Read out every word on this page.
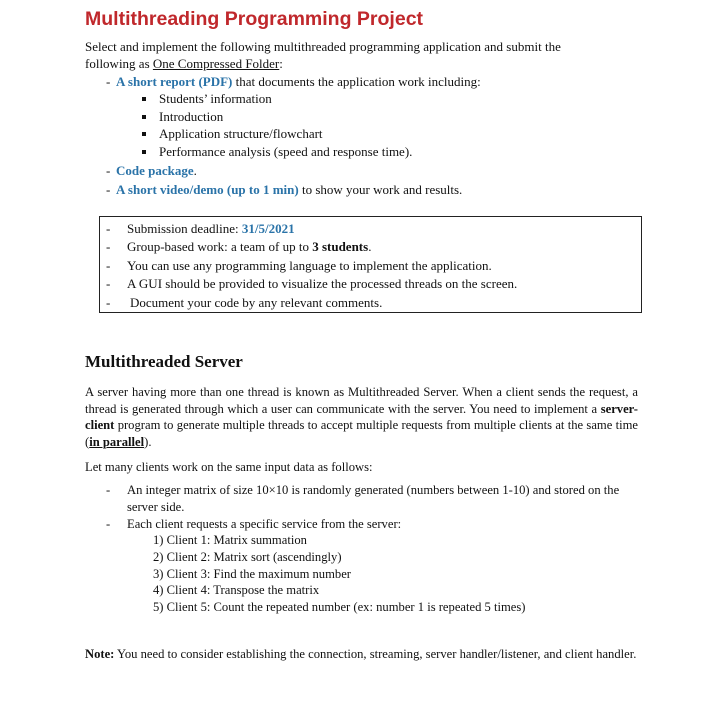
Multithreading Programming Project
Select and implement the following multithreaded programming application and submit the
following as One Compressed Folder:
- A short report (PDF) that documents the application work including:
Students’ information
Introduction
Application structure/flowchart
Performance analysis (speed and response time).
- Code package.
- A short video/demo (up to 1 min) to show your work and results.
- Submission deadline: 31/5/2021
- Group-based work: a team of up to 3 students.
- You can use any programming language to implement the application.
- A GUI should be provided to visualize the processed threads on the screen.
- Document your code by any relevant comments.
Multithreaded Server
A server having more than one thread is known as Multithreaded Server. When a client sends the request, a thread is generated through which a user can communicate with the server. You need to implement a server-client program to generate multiple threads to accept multiple requests from multiple clients at the same time (in parallel).
Let many clients work on the same input data as follows:
- An integer matrix of size 10×10 is randomly generated (numbers between 1-10) and stored on the server side.
- Each client requests a specific service from the server:
1) Client 1: Matrix summation
2) Client 2: Matrix sort (ascendingly)
3) Client 3: Find the maximum number
4) Client 4: Transpose the matrix
5) Client 5: Count the repeated number (ex: number 1 is repeated 5 times)
Note: You need to consider establishing the connection, streaming, server handler/listener, and client handler.
